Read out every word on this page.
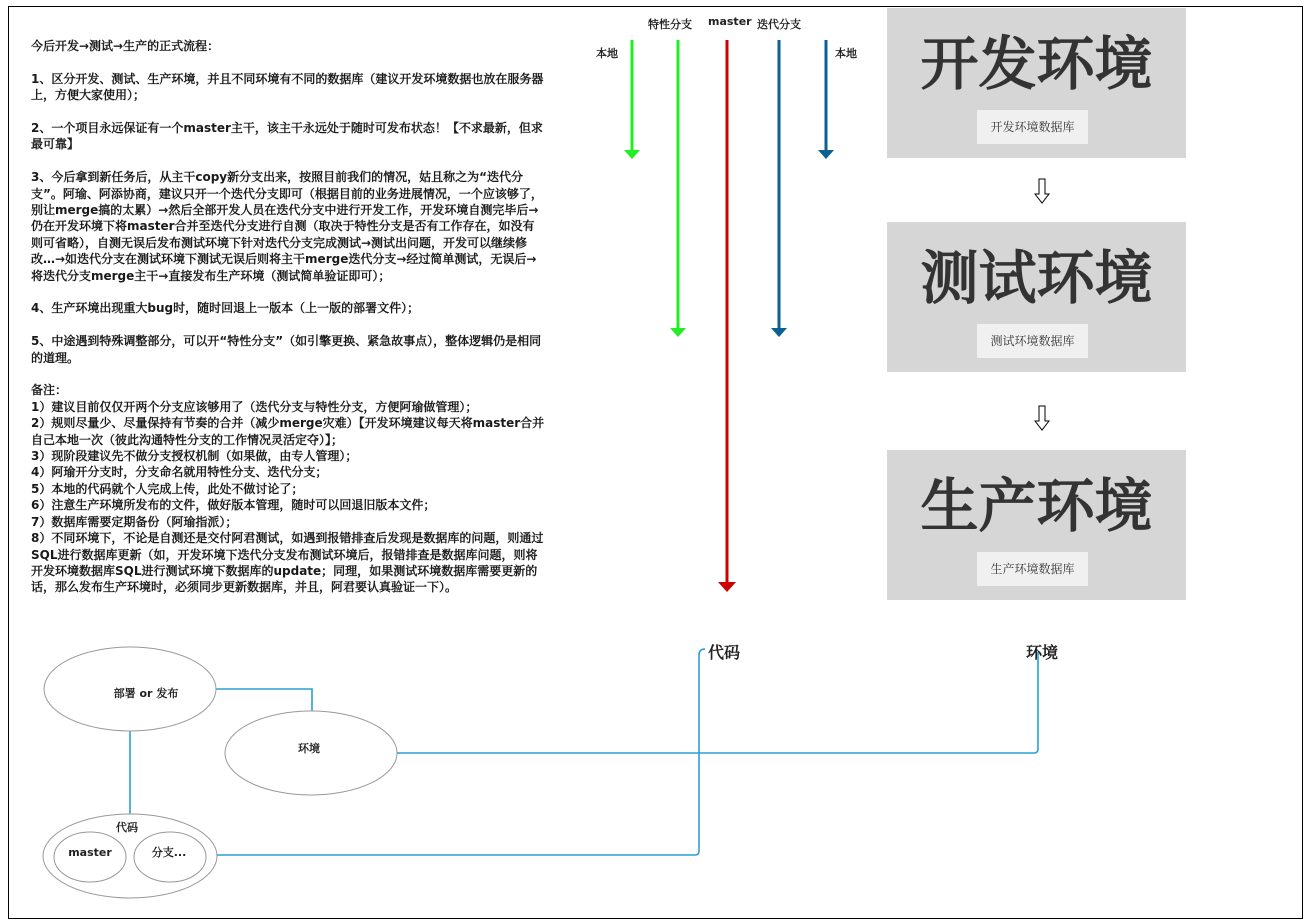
今后开发→测试→生产的正式流程：

1、区分开发、测试、生产环境，并且不同环境有不同的数据库（建议开发环境数据也放在服务器上，方便大家使用）；

2、一个项目永远保证有一个master主干，该主干永远处于随时可发布状态！【不求最新，但求最可靠】

3、今后拿到新任务后，从主干copy新分支出来，按照目前我们的情况，姑且称之为“迭代分支”。阿瑜、阿添协商，建议只开一个迭代分支即可（根据目前的业务进展情况，一个应该够了，别让merge搞的太累）→然后全部开发人员在迭代分支中进行开发工作，开发环境自测完毕后→仍在开发环境下将master合并至迭代分支进行自测（取决于特性分支是否有工作存在，如没有则可省略），自测无误后发布测试环境下针对迭代分支完成测试→测试出问题，开发可以继续修改…→如迭代分支在测试环境下测试无误后则将主干merge迭代分支→经过简单测试，无误后→将迭代分支merge主干→直接发布生产环境（测试简单验证即可）；

4、生产环境出现重大bug时，随时回退上一版本（上一版的部署文件）；

5、中途遇到特殊调整部分，可以开“特性分支”（如引擎更换、紧急故事点），整体逻辑仍是相同的道理。

备注：
1）建议目前仅仅开两个分支应该够用了（迭代分支与特性分支，方便阿瑜做管理）；
2）规则尽量少、尽量保持有节奏的合并（减少merge灾难）【开发环境建议每天将master合并自己本地一次（彼此沟通特性分支的工作情况灵活定夺）】；
3）现阶段建议先不做分支授权机制（如果做，由专人管理）；
4）阿瑜开分支时，分支命名就用特性分支、迭代分支；
5）本地的代码就个人完成上传，此处不做讨论了；
6）注意生产环境所发布的文件，做好版本管理，随时可以回退旧版本文件；
7）数据库需要定期备份（阿瑜指派）；
8）不同环境下，不论是自测还是交付阿君测试，如遇到报错排查后发现是数据库的问题，则通过SQL进行数据库更新（如，开发环境下迭代分支发布测试环境后，报错排查是数据库问题，则将开发环境数据库SQL进行测试环境下数据库的update；同理，如果测试环境数据库需要更新的话，那么发布生产环境时，必须同步更新数据库，并且，阿君要认真验证一下）。
部署 or 发布
环境
代码
master	分支...
本地
特性分支 master 迭代分支
本地	开发环境
开发环境数据库
测试环境
测试环境数据库
生产环境
生产环境数据库
代码	环境
